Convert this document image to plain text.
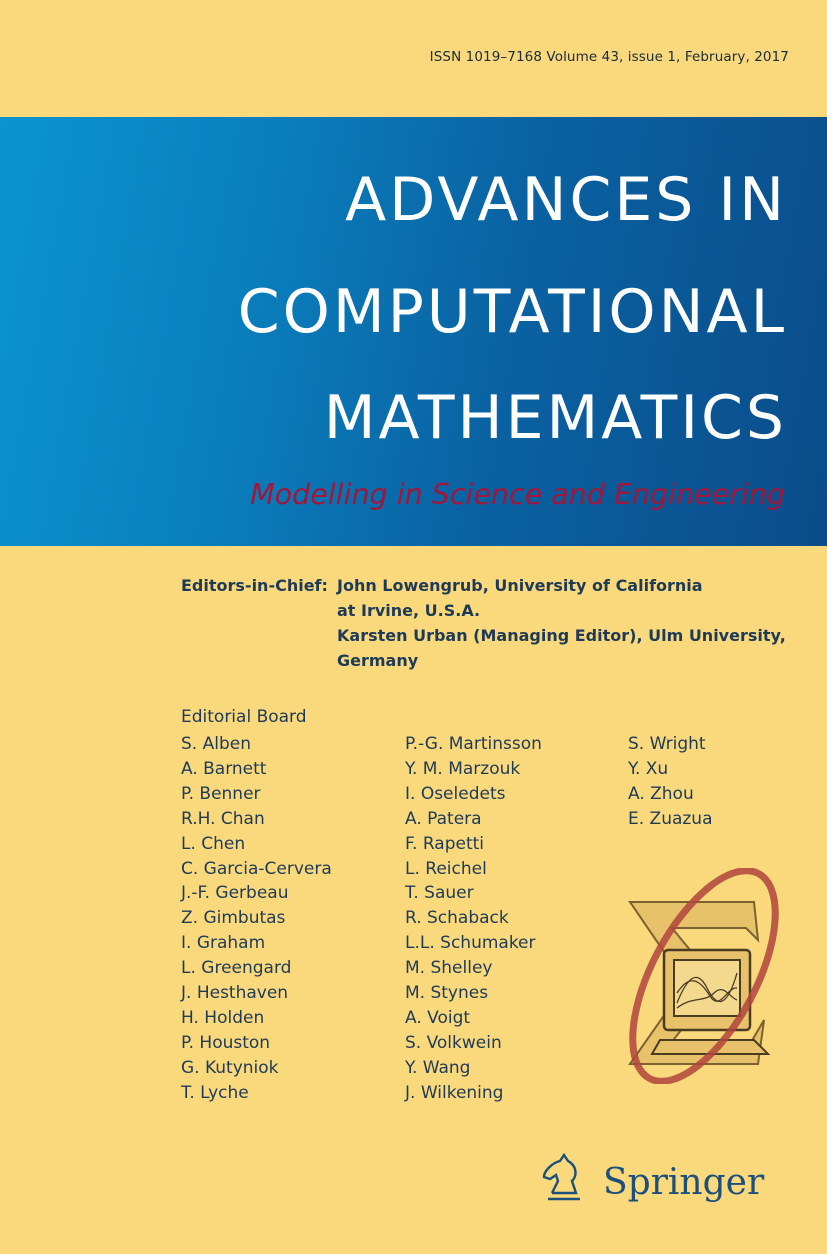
ISSN 1019–7168 Volume 43, issue 1, February, 2017
ADVANCES IN
COMPUTATIONAL
MATHEMATICS
Modelling in Science and Engineering
Editors-in-Chief: John Lowengrub, University of California
at Irvine, U.S.A.
Karsten Urban (Managing Editor), Ulm University,
Germany
Editorial Board
S. Alben
A. Barnett
P. Benner
R.H. Chan
L. Chen
C. Garcia-Cervera
J.-F. Gerbeau
Z. Gimbutas
I. Graham
L. Greengard
J. Hesthaven
H. Holden
P. Houston
G. Kutyniok
T. Lyche
P.-G. Martinsson
Y. M. Marzouk
I. Oseledets
A. Patera
F. Rapetti
L. Reichel
T. Sauer
R. Schaback
L.L. Schumaker
M. Shelley
M. Stynes
A. Voigt
S. Volkwein
Y. Wang
J. Wilkening
S. Wright
Y. Xu
A. Zhou
E. Zuazua
Springer
